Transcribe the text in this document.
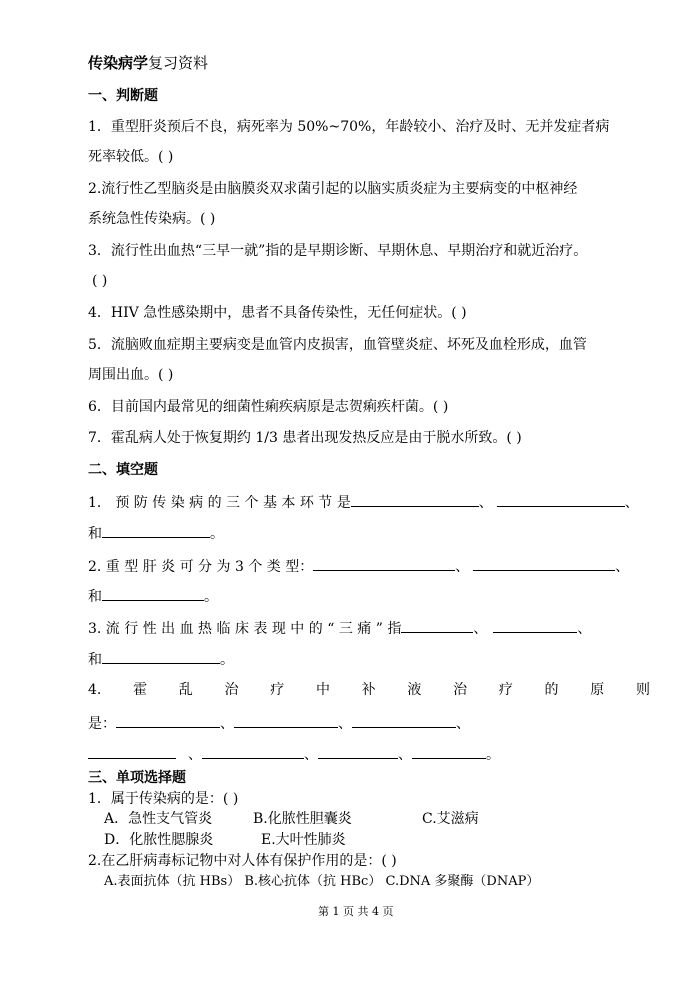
传染病学复习资料
一、判断题
1．重型肝炎预后不良，病死率为 50%~70%，年龄较小、治疗及时、无并发症者病
死率较低。( )
2.流行性乙型脑炎是由脑膜炎双求菌引起的以脑实质炎症为主要病变的中枢神经
系统急性传染病。( )
3．流行性出血热“三早一就”指的是早期诊断、早期休息、早期治疗和就近治疗。
( )
4．HIV 急性感染期中，患者不具备传染性，无任何症状。( )
5．流脑败血症期主要病变是血管内皮损害，血管壁炎症、坏死及血栓形成，血管
周围出血。( )
6．目前国内最常见的细菌性痢疾病原是志贺痢疾杆菌。( )
7．霍乱病人处于恢复期约 1/3 患者出现发热反应是由于脱水所致。( )
二、填空题
1． 预 防 传 染 病 的 三 个 基 本 环 节 是	、	、
和	。
2. 重 型 肝 炎 可 分 为 3 个 类 型：	、	、
和	。
3. 流 行 性 出 血 热 临 床 表 现 中 的 “ 三 痛 ” 指	、	、
和	。
4. 霍 乱 治 疗 中 补 液 治 疗 的 原 则
是：	、	、	、
、	、	、	。
三、单项选择题
1．属于传染病的是：( )
A．急性支气管炎	B.化脓性胆囊炎	C.艾滋病
D．化脓性腮腺炎	E.大叶性肺炎
2.在乙肝病毒标记物中对人体有保护作用的是：( )
A.表面抗体（抗 HBs） B.核心抗体（抗 HBc） C.DNA 多聚酶（DNAP）
第 1 页 共 4 页
